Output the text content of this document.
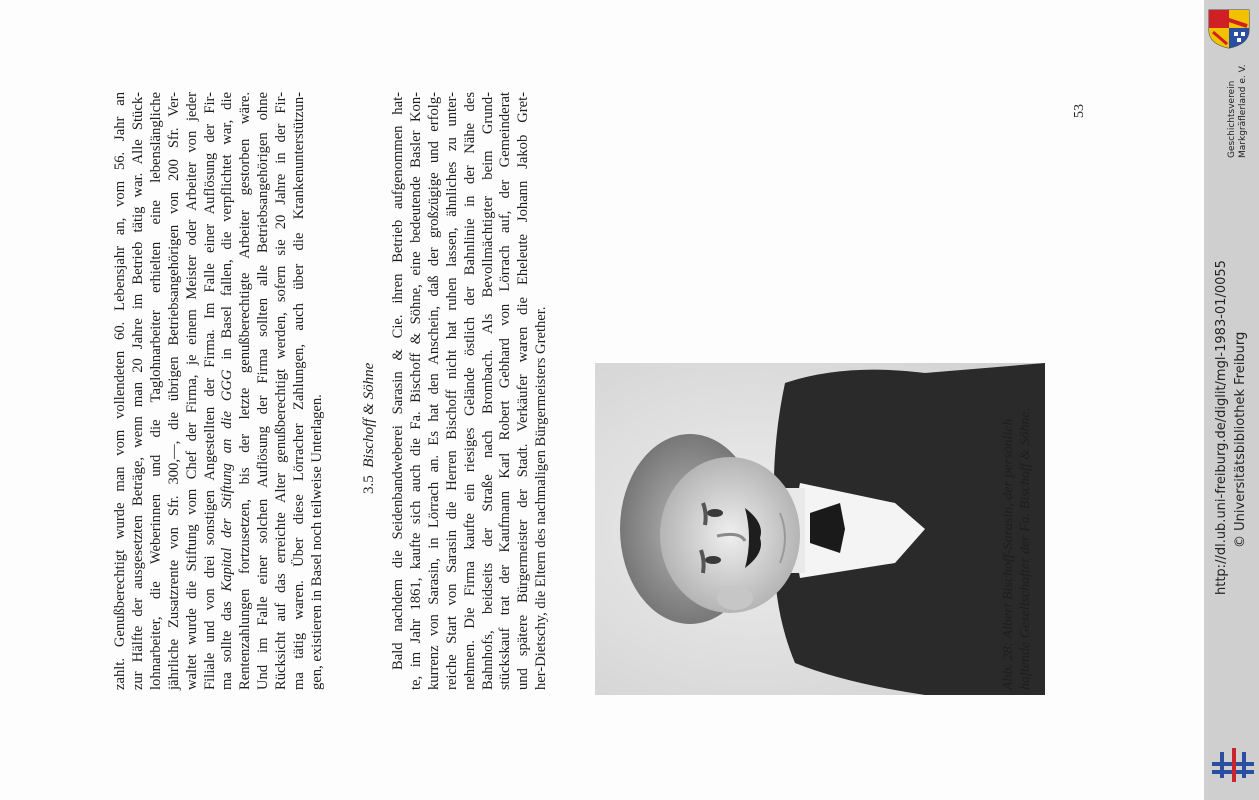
zahlt. Genußberechtigt wurde man vom vollendeten 60. Lebensjahr an, vom 56. Jahr an zur Hälfte der ausgesetzten Beträge, wenn man 20 Jahre im Betrieb tätig war. Alle Stück- lohnarbeiter, die Weberinnen und die Taglohnarbeiter erhielten eine lebenslängliche jährliche Zusatzrente von Sfr. 300,—, die übrigen Betriebsangehörigen von 200 Sfr. Ver- waltet wurde die Stiftung vom Chef der Firma, je einem Meister oder Arbeiter von jeder Filiale und von drei sonstigen Angestellten der Firma. Im Falle einer Auflösung der Fir- ma sollte das Kapital der Stiftung an die GGG in Basel fallen, die verpflichtet war, die Rentenzahlungen fortzusetzen, bis der letzte genußberechtigte Arbeiter gestorben wäre. Und im Falle einer solchen Auflösung der Firma sollten alle Betriebsangehörigen ohne Rücksicht auf das erreichte Alter genußberechtigt werden, sofern sie 20 Jahre in der Fir- ma tätig waren. Über diese Lörracher Zahlungen, auch über die Krankenunterstützun- gen, existieren in Basel noch teilweise Unterlagen. 3.5  Bischoff & Söhne Bald nachdem die Seidenbandweberei Sarasin & Cie. ihren Betrieb aufgenommen hat- te, im Jahr 1861, kaufte sich auch die Fa. Bischoff & Söhne, eine bedeutende Basler Kon- kurrenz von Sarasin, in Lörrach an. Es hat den Anschein, daß der großzügige und erfolg- reiche Start von Sarasin die Herren Bischoff nicht hat ruhen lassen, ähnliches zu unter- nehmen. Die Firma kaufte ein riesiges Gelände östlich der Bahnlinie in der Nähe des Bahnhofs, beidseits der Straße nach Brombach. Als Bevollmächtigter beim Grund- stückskauf trat der Kaufmann Karl Robert Gebhard von Lörrach auf, der Gemeinderat und spätere Bürgermeister der Stadt. Verkäufer waren die Eheleute Johann Jakob Gret- her-Dietschy, die Eltern des nachmaligen Bürgermeisters Grether.	Abb. 28: Albert Bischoff-Sarasin, der persönlich haftende Gesellschafter der Fa. Bischoff & Söhne.
53	Geschichtsverein Markgräflerland e. V.
http://dl.ub.uni-freiburg.de/diglit/mgl-1983-01/0055 © Universitätsbibliothek Freiburg
